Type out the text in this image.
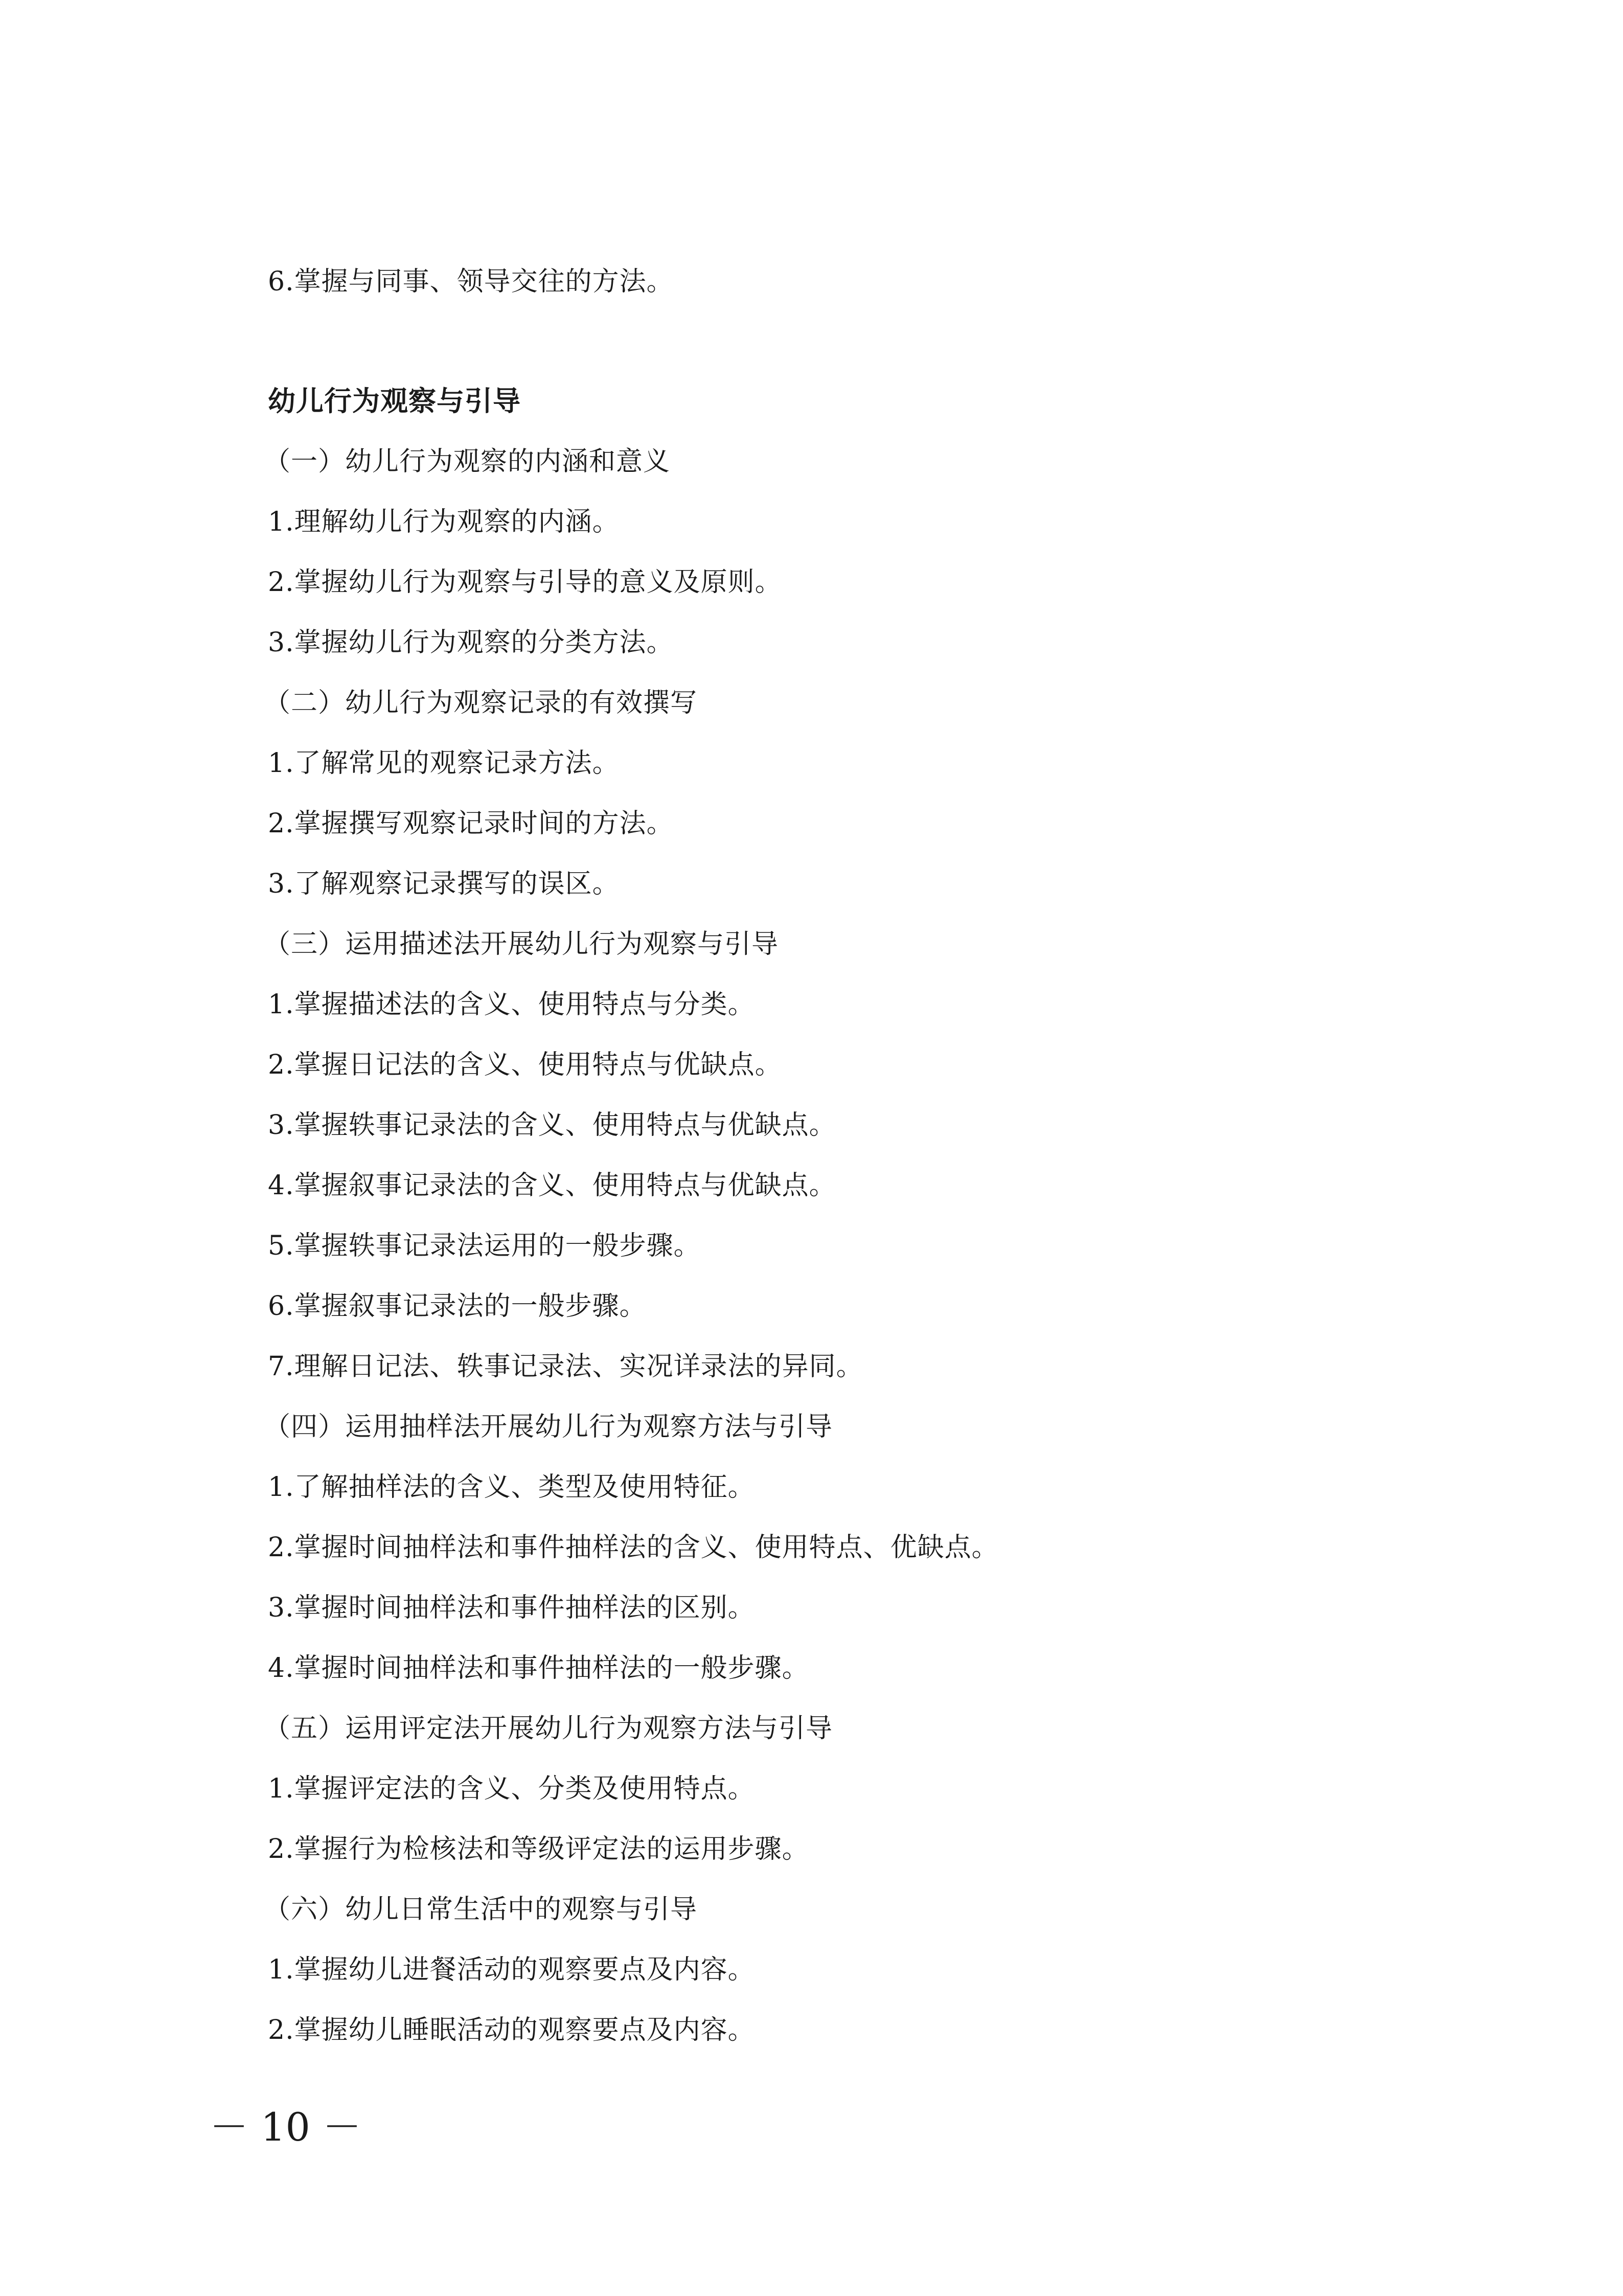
6.掌握与同事、领导交往的方法。
幼儿行为观察与引导
（一）幼儿行为观察的内涵和意义
1.理解幼儿行为观察的内涵。
2.掌握幼儿行为观察与引导的意义及原则。
3.掌握幼儿行为观察的分类方法。
（二）幼儿行为观察记录的有效撰写
1.了解常见的观察记录方法。
2.掌握撰写观察记录时间的方法。
3.了解观察记录撰写的误区。
（三）运用描述法开展幼儿行为观察与引导
1.掌握描述法的含义、使用特点与分类。
2.掌握日记法的含义、使用特点与优缺点。
3.掌握轶事记录法的含义、使用特点与优缺点。
4.掌握叙事记录法的含义、使用特点与优缺点。
5.掌握轶事记录法运用的一般步骤。
6.掌握叙事记录法的一般步骤。
7.理解日记法、轶事记录法、实况详录法的异同。
（四）运用抽样法开展幼儿行为观察方法与引导
1.了解抽样法的含义、类型及使用特征。
2.掌握时间抽样法和事件抽样法的含义、使用特点、优缺点。
3.掌握时间抽样法和事件抽样法的区别。
4.掌握时间抽样法和事件抽样法的一般步骤。
（五）运用评定法开展幼儿行为观察方法与引导
1.掌握评定法的含义、分类及使用特点。
2.掌握行为检核法和等级评定法的运用步骤。
（六）幼儿日常生活中的观察与引导
1.掌握幼儿进餐活动的观察要点及内容。
2.掌握幼儿睡眠活动的观察要点及内容。
－ 10 －
